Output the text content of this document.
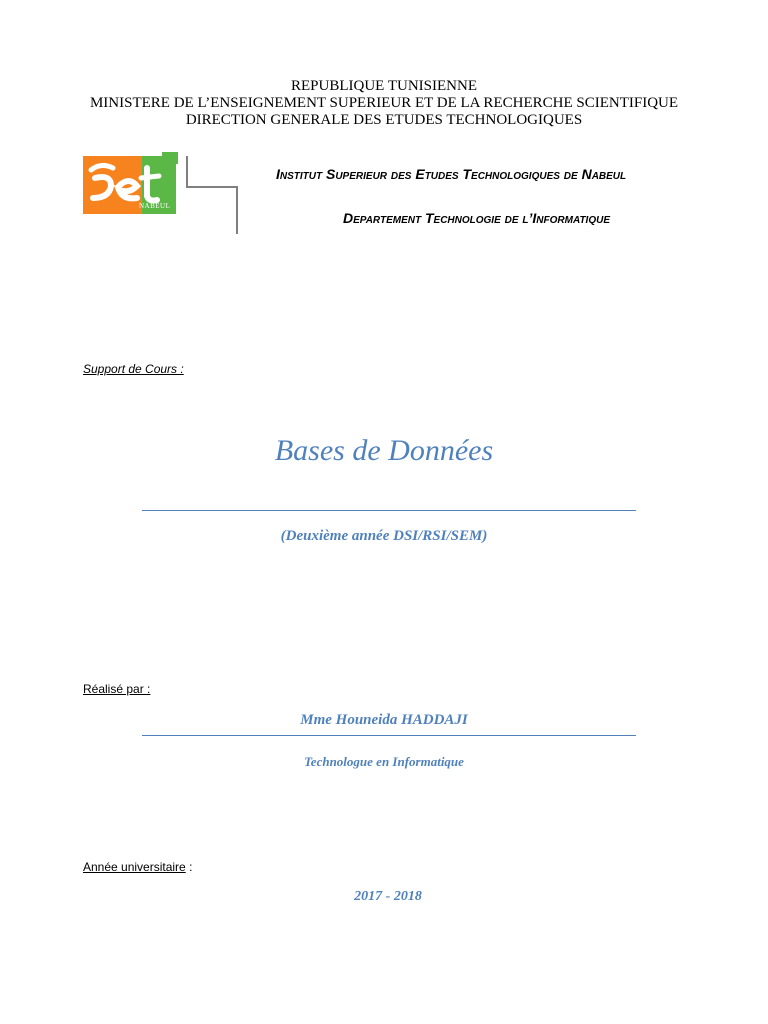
REPUBLIQUE TUNISIENNE
MINISTERE DE L’ENSEIGNEMENT SUPERIEUR ET DE LA RECHERCHE SCIENTIFIQUE
DIRECTION GENERALE DES ETUDES TECHNOLOGIQUES
NABEUL
Institut Superieur des Etudes Technologiques de Nabeul
Departement Technologie de l’Informatique
Support de Cours :
Bases de Données
(Deuxième année DSI/RSI/SEM)
Réalisé par :
Mme Houneida HADDAJI
Technologue en Informatique
Année universitaire :
2017 - 2018
